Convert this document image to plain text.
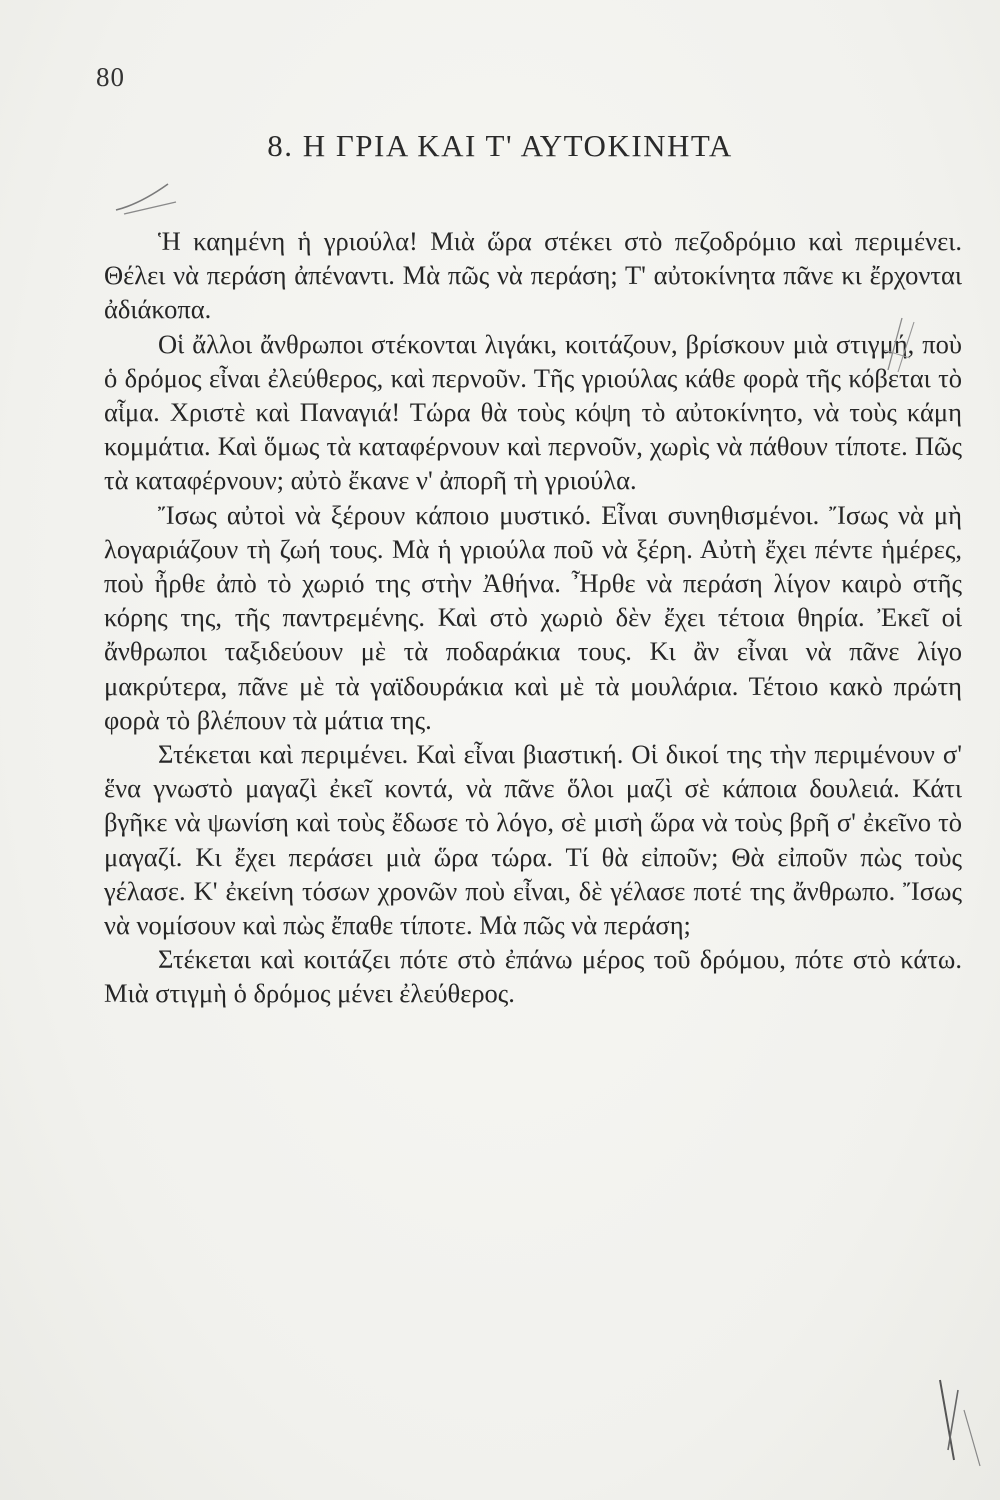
80
8. Η ΓΡΙΑ ΚΑΙ Τ' ΑΥΤΟΚΙΝΗΤΑ

Ἡ καημένη ἡ γριούλα! Μιὰ ὥρα στέκει στὸ πεζοδρόμιο καὶ περιμένει. Θέλει νὰ περάση ἀπέναντι. Μὰ πῶς νὰ περάση; Τ' αὐτοκίνητα πᾶνε κι ἔρχονται ἀδιάκοπα.

Οἱ ἄλλοι ἄνθρωποι στέκονται λιγάκι, κοιτάζουν, βρίσκουν μιὰ στιγμή, ποὺ ὁ δρόμος εἶναι ἐλεύθερος, καὶ περνοῦν. Τῆς γριούλας κάθε φορὰ τῆς κόβεται τὸ αἷμα. Χριστὲ καὶ Παναγιά! Τώρα θὰ τοὺς κόψη τὸ αὐτοκίνητο, νὰ τοὺς κάμη κομμάτια. Καὶ ὅμως τὰ καταφέρνουν καὶ περνοῦν, χωρὶς νὰ πάθουν τίποτε. Πῶς τὰ καταφέρνουν; αὐτὸ ἔκανε ν' ἀπορῆ τὴ γριούλα.

Ἴσως αὐτοὶ νὰ ξέρουν κάποιο μυστικό. Εἶναι συνηθισμένοι. Ἴσως νὰ μὴ λογαριάζουν τὴ ζωή τους. Μὰ ἡ γριούλα ποῦ νὰ ξέρη. Αὐτὴ ἔχει πέντε ἡμέρες, ποὺ ἦρθε ἀπὸ τὸ χωριό της στὴν Ἀθήνα. Ἦρθε νὰ περάση λίγον καιρὸ στῆς κόρης της, τῆς παντρεμένης. Καὶ στὸ χωριὸ δὲν ἔχει τέτοια θηρία. Ἐκεῖ οἱ ἄνθρωποι ταξιδεύουν μὲ τὰ ποδαράκια τους. Κι ἂν εἶναι νὰ πᾶνε λίγο μακρύτερα, πᾶνε μὲ τὰ γαϊδουράκια καὶ μὲ τὰ μουλάρια. Τέτοιο κακὸ πρώτη φορὰ τὸ βλέπουν τὰ μάτια της.

Στέκεται καὶ περιμένει. Καὶ εἶναι βιαστική. Οἱ δικοί της τὴν περιμένουν σ' ἕνα γνωστὸ μαγαζὶ ἐκεῖ κοντά, νὰ πᾶνε ὅλοι μαζὶ σὲ κάποια δουλειά. Κάτι βγῆκε νὰ ψωνίση καὶ τοὺς ἔδωσε τὸ λόγο, σὲ μισὴ ὥρα νὰ τοὺς βρῆ σ' ἐκεῖνο τὸ μαγαζί. Κι ἔχει περάσει μιὰ ὥρα τώρα. Τί θὰ εἰποῦν; Θὰ εἰποῦν πὼς τοὺς γέλασε. Κ' ἐκείνη τόσων χρονῶν ποὺ εἶναι, δὲ γέλασε ποτέ της ἄνθρωπο. Ἴσως νὰ νομίσουν καὶ πὼς ἔπαθε τίποτε. Μὰ πῶς νὰ περάση;

Στέκεται καὶ κοιτάζει πότε στὸ ἐπάνω μέρος τοῦ δρόμου, πότε στὸ κάτω. Μιὰ στιγμὴ ὁ δρόμος μένει ἐλεύθερος.
